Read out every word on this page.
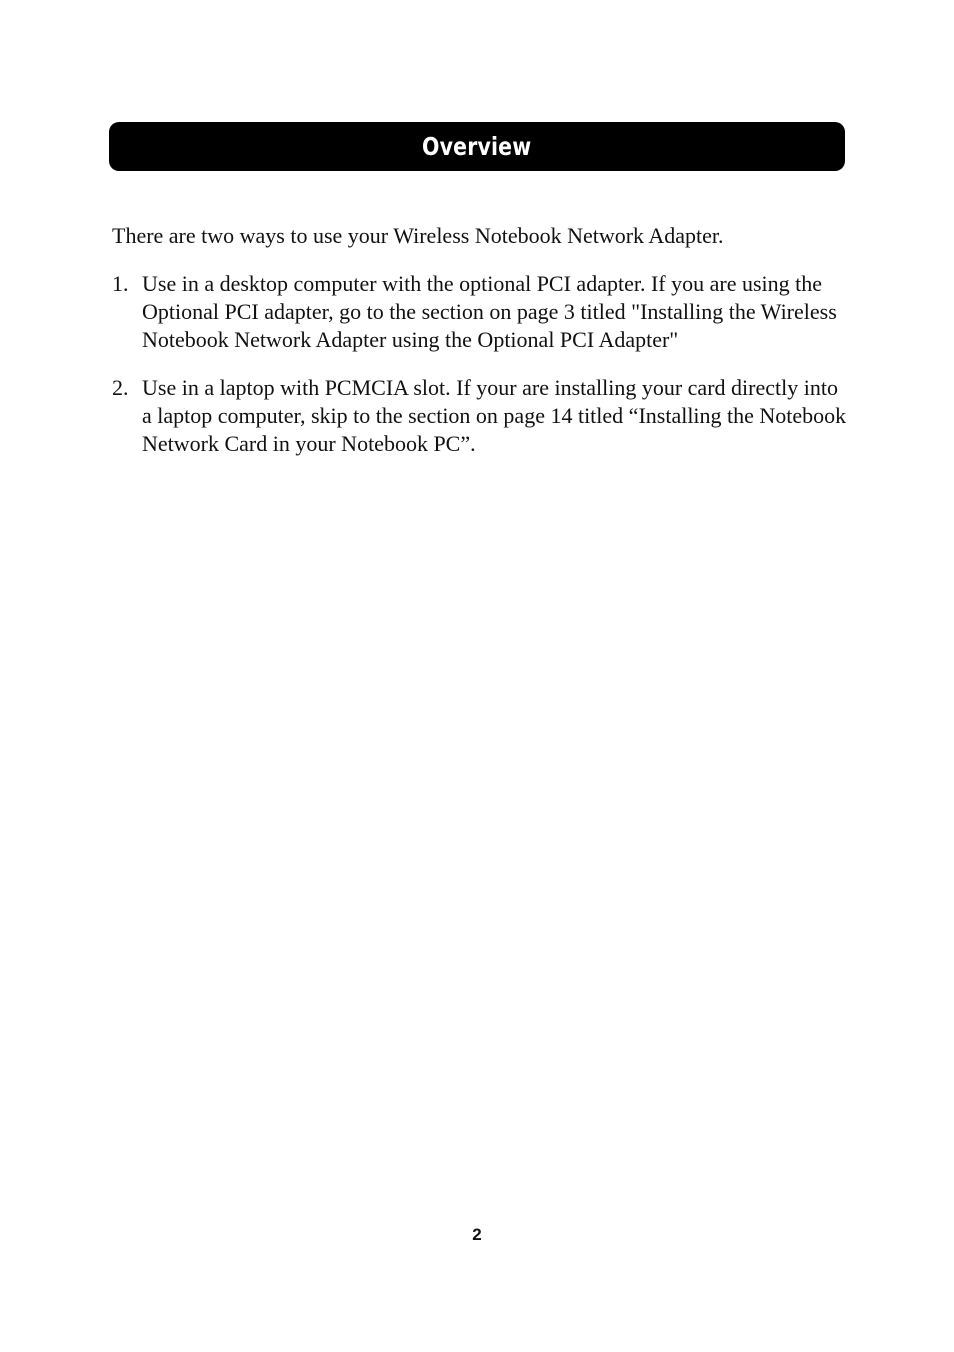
Overview

There are two ways to use your Wireless Notebook Network Adapter.

1. Use in a desktop computer with the optional PCI adapter. If you are using the Optional PCI adapter, go to the section on page 3 titled "Installing the Wireless Notebook Network Adapter using the Optional PCI Adapter"
2. Use in a laptop with PCMCIA slot. If your are installing your card directly into a laptop computer, skip to the section on page 14 titled “Installing the Notebook Network Card in your Notebook PC”.
2
